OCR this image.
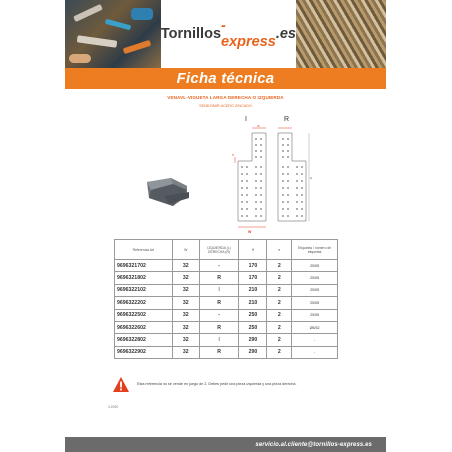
Tornillos -express .es
Ficha técnica
VENAVL-VIGUETA LARGA DERECHA O IZQUIERDA
SENDZIMIR ACERO ZINCADO
I	R
W
S
H
W
Referencia Art	W	IZQUIERDA (L) DERECHA (R)	H	e	Etiquetas / número de etiquetas
9696321702	32	-	170	2	20/05
9696321802	32	R	170	2	20/05
9696322102	32	I	210	2	20/05
9696322202	32	R	210	2	20/05
9696322502	32	-	250	2	20/05
9696322602	32	R	250	2	Ø5/32
9696322802	32	I	290	2	-
9696322902	32	R	290	2	-
Esta referencia no se vende en juego de 2. Debes pedir una pieza izquierda y una pieza derecha.
V.2020
servicio.al.cliente@tornillos-express.es
